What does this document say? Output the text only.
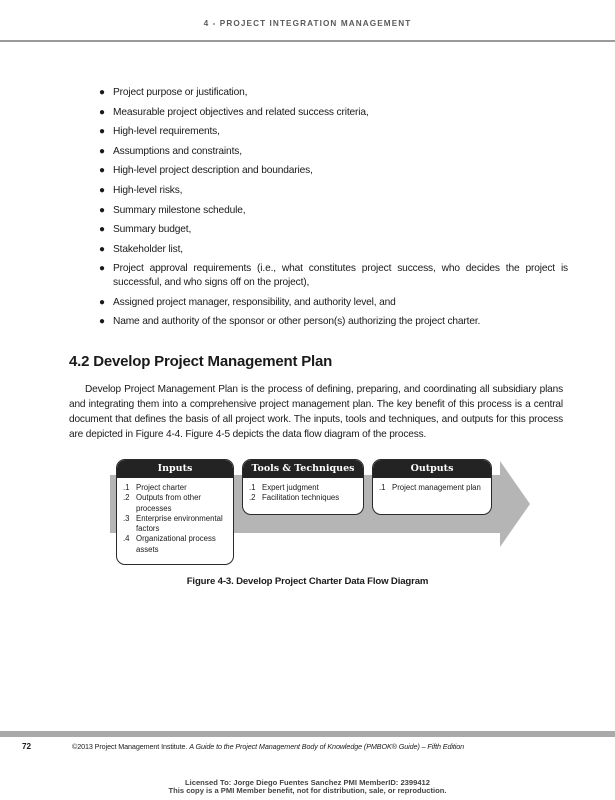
4 - PROJECT INTEGRATION MANAGEMENT
● Project purpose or justification,
● Measurable project objectives and related success criteria,
● High-level requirements,
● Assumptions and constraints,
● High-level project description and boundaries,
● High-level risks,
● Summary milestone schedule,
● Summary budget,
● Stakeholder list,
● Project approval requirements (i.e., what constitutes project success, who decides the project is successful, and who signs off on the project),
● Assigned project manager, responsibility, and authority level, and
● Name and authority of the sponsor or other person(s) authorizing the project charter.
4.2 Develop Project Management Plan

Develop Project Management Plan is the process of defining, preparing, and coordinating all subsidiary plans and integrating them into a comprehensive project management plan. The key benefit of this process is a central document that defines the basis of all project work. The inputs, tools and techniques, and outputs for this process are depicted in Figure 4-4. Figure 4-5 depicts the data flow diagram of the process.

Inputs
.1 Project charter
.2 Outputs from other processes
.3 Enterprise environmental factors
.4 Organizational process assets
Tools & Techniques
.1 Expert judgment
.2 Facilitation techniques
Outputs
.1 Project management plan
Figure 4-3. Develop Project Charter Data Flow Diagram
72	©2013 Project Management Institute. A Guide to the Project Management Body of Knowledge (PMBOK® Guide) – Fifth Edition
Licensed To: Jorge Diego Fuentes Sanchez PMI MemberID: 2399412
This copy is a PMI Member benefit, not for distribution, sale, or reproduction.
